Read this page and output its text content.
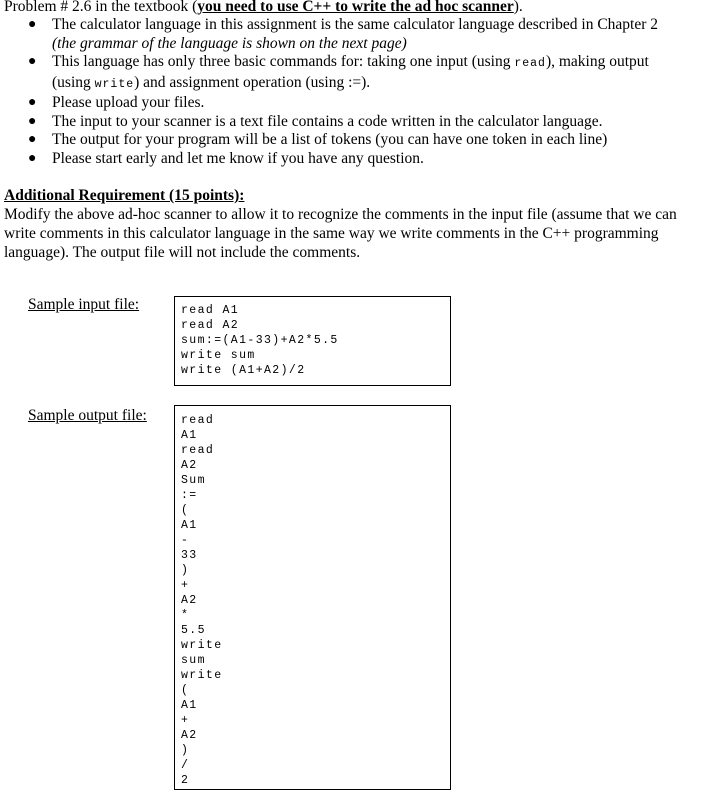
Problem # 2.6 in the textbook (you need to use C++ to write the ad hoc scanner).
● The calculator language in this assignment is the same calculator language described in Chapter 2
(the grammar of the language is shown on the next page)
● This language has only three basic commands for: taking one input (using read), making output
(using write) and assignment operation (using :=).
● Please upload your files.
● The input to your scanner is a text file contains a code written in the calculator language.
● The output for your program will be a list of tokens (you can have one token in each line)
● Please start early and let me know if you have any question.
Additional Requirement (15 points):
Modify the above ad-hoc scanner to allow it to recognize the comments in the input file (assume that we can write comments in this calculator language in the same way we write comments in the C++ programming language). The output file will not include the comments.
Sample input file:	read A1
read A2
sum:=(A1-33)+A2*5.5
write sum
write (A1+A2)/2
Sample output file:	read
A1
read
A2
Sum
:=
(
A1
-
33
)
+
A2
*
5.5
write
sum
write
(
A1
+
A2
)
/
2
